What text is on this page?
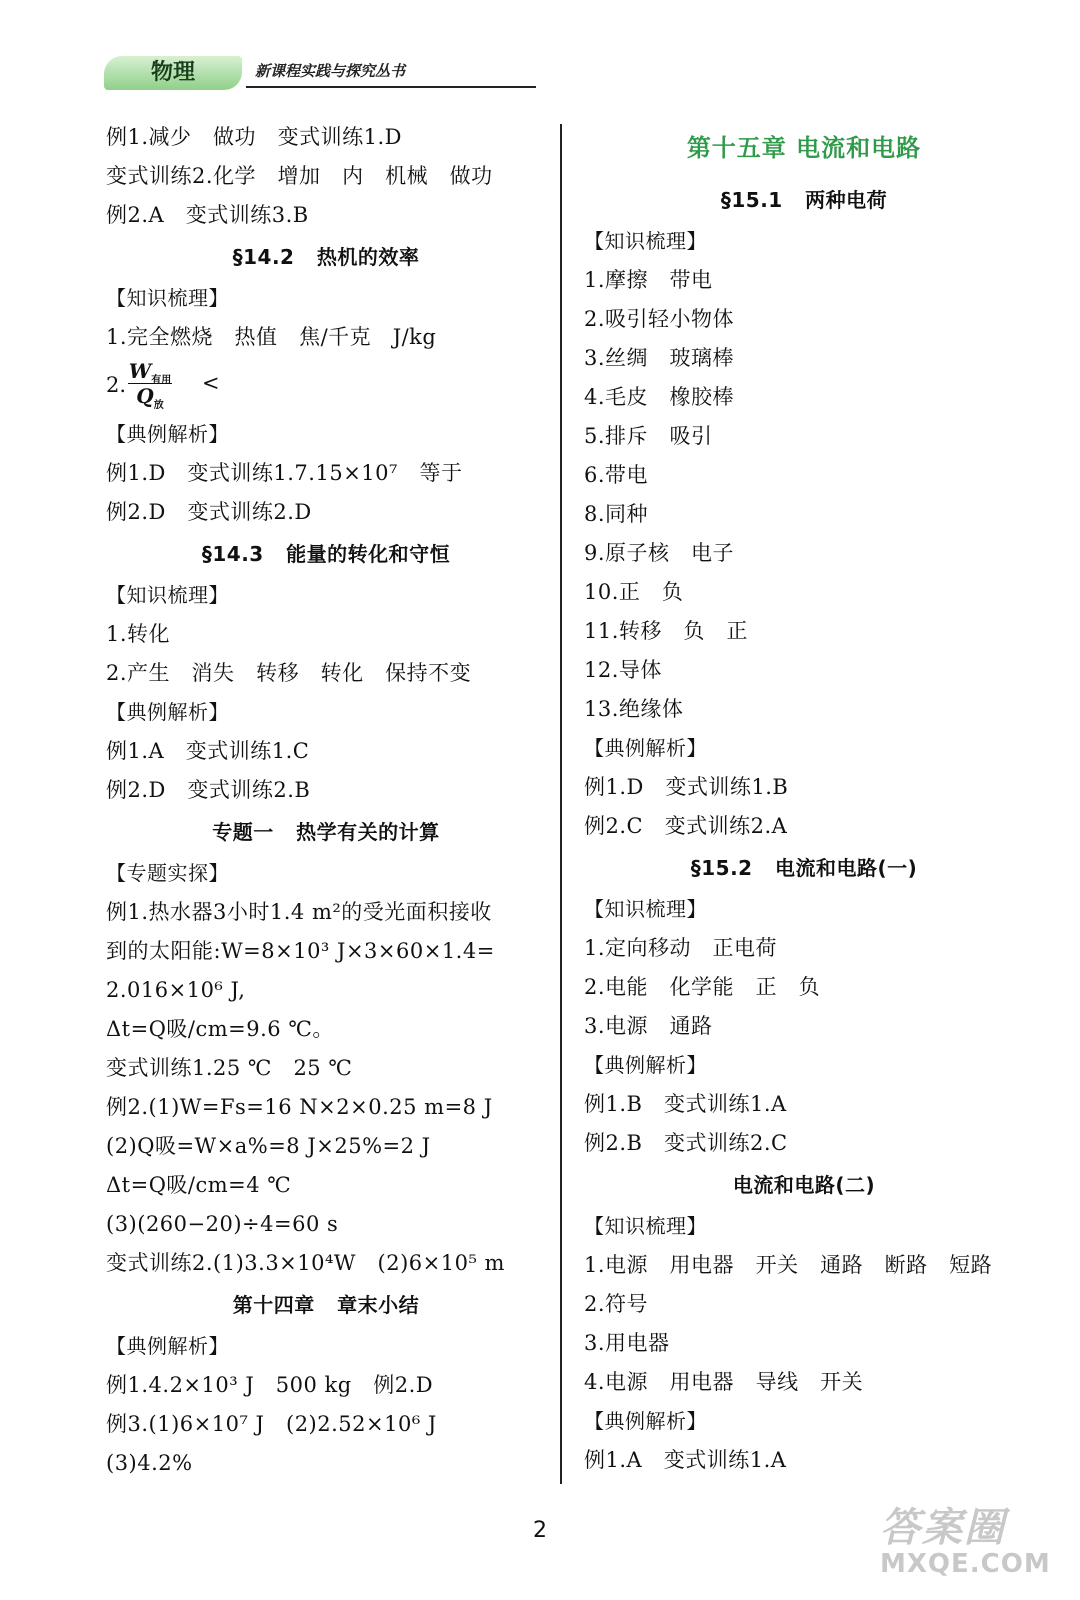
物理	新课程实践与探究丛书
例1.减少   做功   变式训练1.D
变式训练2.化学   增加   内   机械   做功
例2.A   变式训练3.B
§14.2   热机的效率
【知识梳理】
1.完全燃烧   热值   焦/千克   J/kg
2.
$W_{有用}$
$Q_放$
<
【典例解析】
例1.D   变式训练1.7.15×10⁷   等于
例2.D   变式训练2.D
§14.3   能量的转化和守恒
【知识梳理】
1.转化
2.产生   消失   转移   转化   保持不变
【典例解析】
例1.A   变式训练1.C
例2.D   变式训练2.B
专题一   热学有关的计算
【专题实探】
例1.热水器3小时1.4 m²的受光面积接收
到的太阳能:W=8×10³ J×3×60×1.4=
2.016×10⁶ J,
Δt=Q吸/cm=9.6 ℃。
变式训练1.25 ℃   25 ℃
例2.(1)W=Fs=16 N×2×0.25 m=8 J
(2)Q吸=W×a%=8 J×25%=2 J
Δt=Q吸/cm=4 ℃
(3)(260−20)÷4=60 s
变式训练2.(1)3.3×10⁴W   (2)6×10⁵ m
第十四章   章末小结
【典例解析】
例1.4.2×10³ J   500 kg   例2.D
例3.(1)6×10⁷ J   (2)2.52×10⁶ J
(3)4.2%
第十五章 电流和电路
§15.1   两种电荷
【知识梳理】
1.摩擦   带电
2.吸引轻小物体
3.丝绸   玻璃棒
4.毛皮   橡胶棒
5.排斥   吸引
6.带电
8.同种
9.原子核   电子
10.正   负
11.转移   负   正
12.导体
13.绝缘体
【典例解析】
例1.D   变式训练1.B
例2.C   变式训练2.A
§15.2   电流和电路(一)
【知识梳理】
1.定向移动   正电荷
2.电能   化学能   正   负
3.电源   通路
【典例解析】
例1.B   变式训练1.A
例2.B   变式训练2.C
电流和电路(二)
【知识梳理】
1.电源   用电器   开关   通路   断路   短路
2.符号
3.用电器
4.电源   用电器   导线   开关
【典例解析】
例1.A   变式训练1.A
2	答案圈
MXQE.COM
